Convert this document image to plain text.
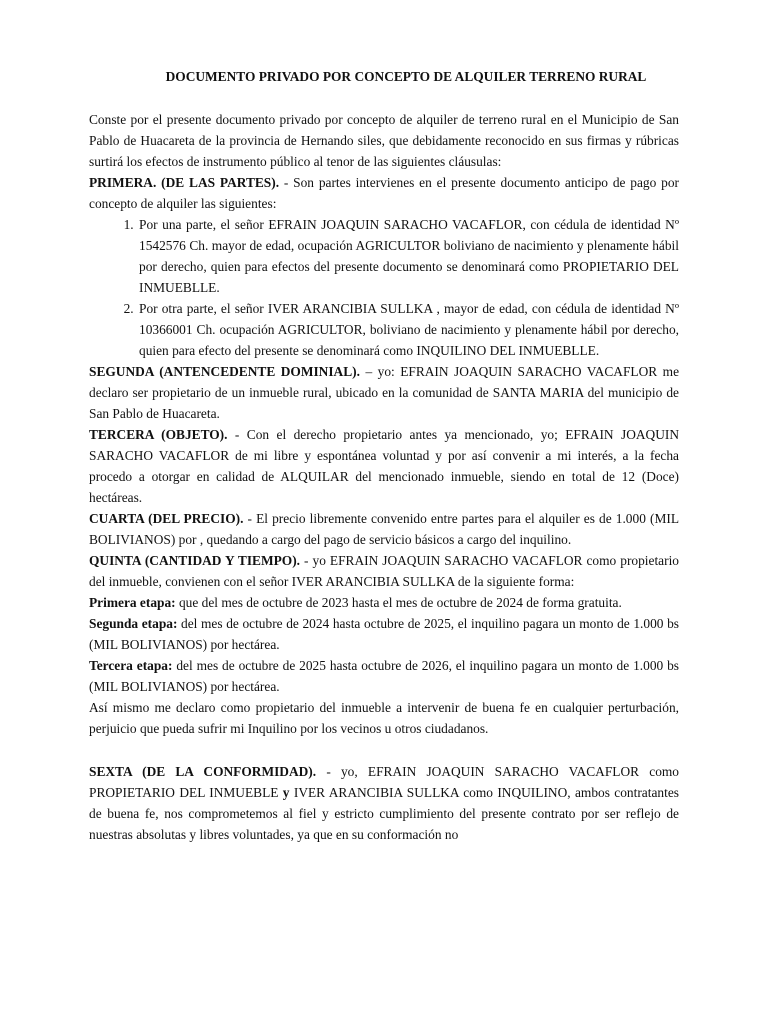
DOCUMENTO PRIVADO POR CONCEPTO DE ALQUILER TERRENO RURAL

Conste por el presente documento privado por concepto de alquiler de terreno rural en el Municipio de San Pablo de Huacareta de la provincia de Hernando siles, que debidamente reconocido en sus firmas y rúbricas surtirá los efectos de instrumento público al tenor de las siguientes cláusulas:

PRIMERA. (DE LAS PARTES). - Son partes intervienes en el presente documento anticipo de pago por concepto de alquiler las siguientes:

1. Por una parte, el señor EFRAIN JOAQUIN SARACHO VACAFLOR, con cédula de identidad Nº 1542576 Ch. mayor de edad, ocupación AGRICULTOR boliviano de nacimiento y plenamente hábil por derecho, quien para efectos del presente documento se denominará como PROPIETARIO DEL INMUEBLLE.
2. Por otra parte, el señor IVER ARANCIBIA SULLKA , mayor de edad, con cédula de identidad Nº 10366001 Ch. ocupación AGRICULTOR, boliviano de nacimiento y plenamente hábil por derecho, quien para efecto del presente se denominará como INQUILINO DEL INMUEBLLE.

SEGUNDA (ANTENCEDENTE DOMINIAL). – yo: EFRAIN JOAQUIN SARACHO VACAFLOR me declaro ser propietario de un inmueble rural, ubicado en la comunidad de SANTA MARIA del municipio de San Pablo de Huacareta.

TERCERA (OBJETO). - Con el derecho propietario antes ya mencionado, yo; EFRAIN JOAQUIN SARACHO VACAFLOR de mi libre y espontánea voluntad y por así convenir a mi interés, a la fecha procedo a otorgar en calidad de ALQUILAR del mencionado inmueble, siendo en total de 12 (Doce) hectáreas.

CUARTA (DEL PRECIO). - El precio libremente convenido entre partes para el alquiler es de 1.000 (MIL BOLIVIANOS) por , quedando a cargo del pago de servicio básicos a cargo del inquilino.

QUINTA (CANTIDAD Y TIEMPO). - yo EFRAIN JOAQUIN SARACHO VACAFLOR como propietario del inmueble, convienen con el señor IVER ARANCIBIA SULLKA de la siguiente forma:

Primera etapa: que del mes de octubre de 2023 hasta el mes de octubre de 2024 de forma gratuita.

Segunda etapa: del mes de octubre de 2024 hasta octubre de 2025, el inquilino pagara un monto de 1.000 bs (MIL BOLIVIANOS) por hectárea.

Tercera etapa: del mes de octubre de 2025 hasta octubre de 2026, el inquilino pagara un monto de 1.000 bs (MIL BOLIVIANOS) por hectárea.

Así mismo me declaro como propietario del inmueble a intervenir de buena fe en cualquier perturbación, perjuicio que pueda sufrir mi Inquilino por los vecinos u otros ciudadanos.

SEXTA (DE LA CONFORMIDAD). - yo, EFRAIN JOAQUIN SARACHO VACAFLOR como PROPIETARIO DEL INMUEBLE y IVER ARANCIBIA SULLKA como INQUILINO, ambos contratantes de buena fe, nos comprometemos al fiel y estricto cumplimiento del presente contrato por ser reflejo de nuestras absolutas y libres voluntades, ya que en su conformación no
